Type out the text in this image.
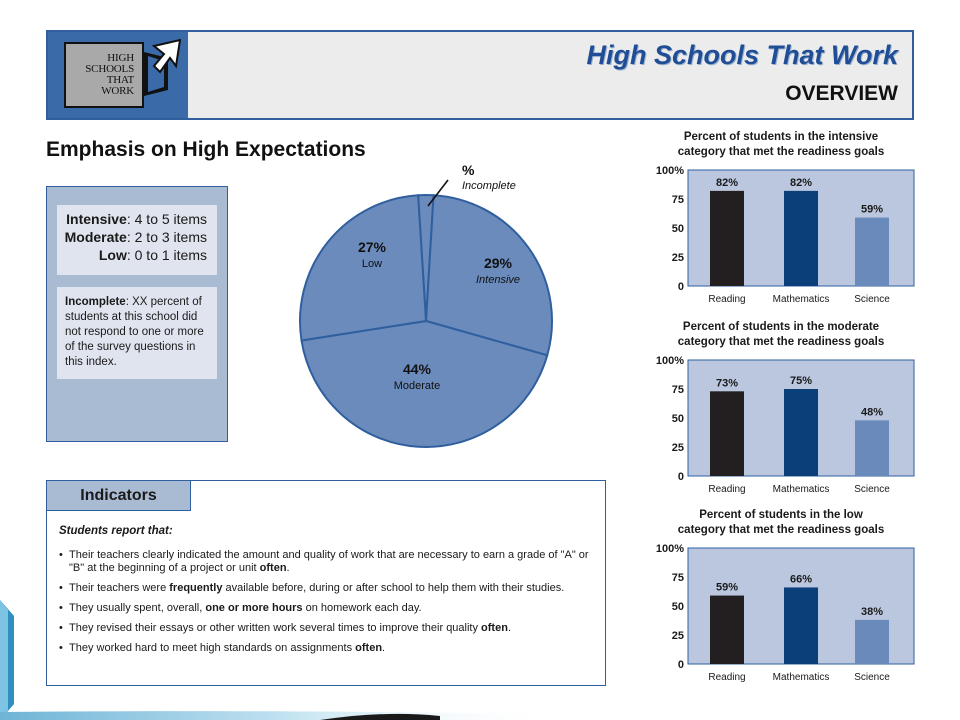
HIGH
SCHOOLS
THAT
WORK
High Schools That Work
OVERVIEW
Emphasis on High Expectations
Intensive: 4 to 5 items
Moderate: 2 to 3 items
Low: 0 to 1 items
Incomplete: XX percent of students at this school did not respond to one or more of the survey questions in this index.
29%
Intensive
44%
Moderate
27%
Low
Indicators
Students report that:
• Their teachers clearly indicated the amount and quality of work that are necessary to earn a grade of "A" or "B" at the beginning of a project or unit often.
• Their teachers were frequently available before, during or after school to help them with their studies.
• They usually spent, overall, one or more hours on homework each day.
• They revised their essays or other written work several times to improve their quality often.
• They worked hard to meet high standards on assignments often.
Percent of students in the intensive
category that met the readiness goals
0
25
50
75
100%
82%
Reading
82%
Mathematics
59%
Science
Percent of students in the moderate
category that met the readiness goals
0
25
50
75
100%
73%
Reading
75%
Mathematics
48%
Science
Percent of students in the low
category that met the readiness goals
0
25
50
75
100%
59%
Reading
66%
Mathematics
38%
Science
%
Incomplete
